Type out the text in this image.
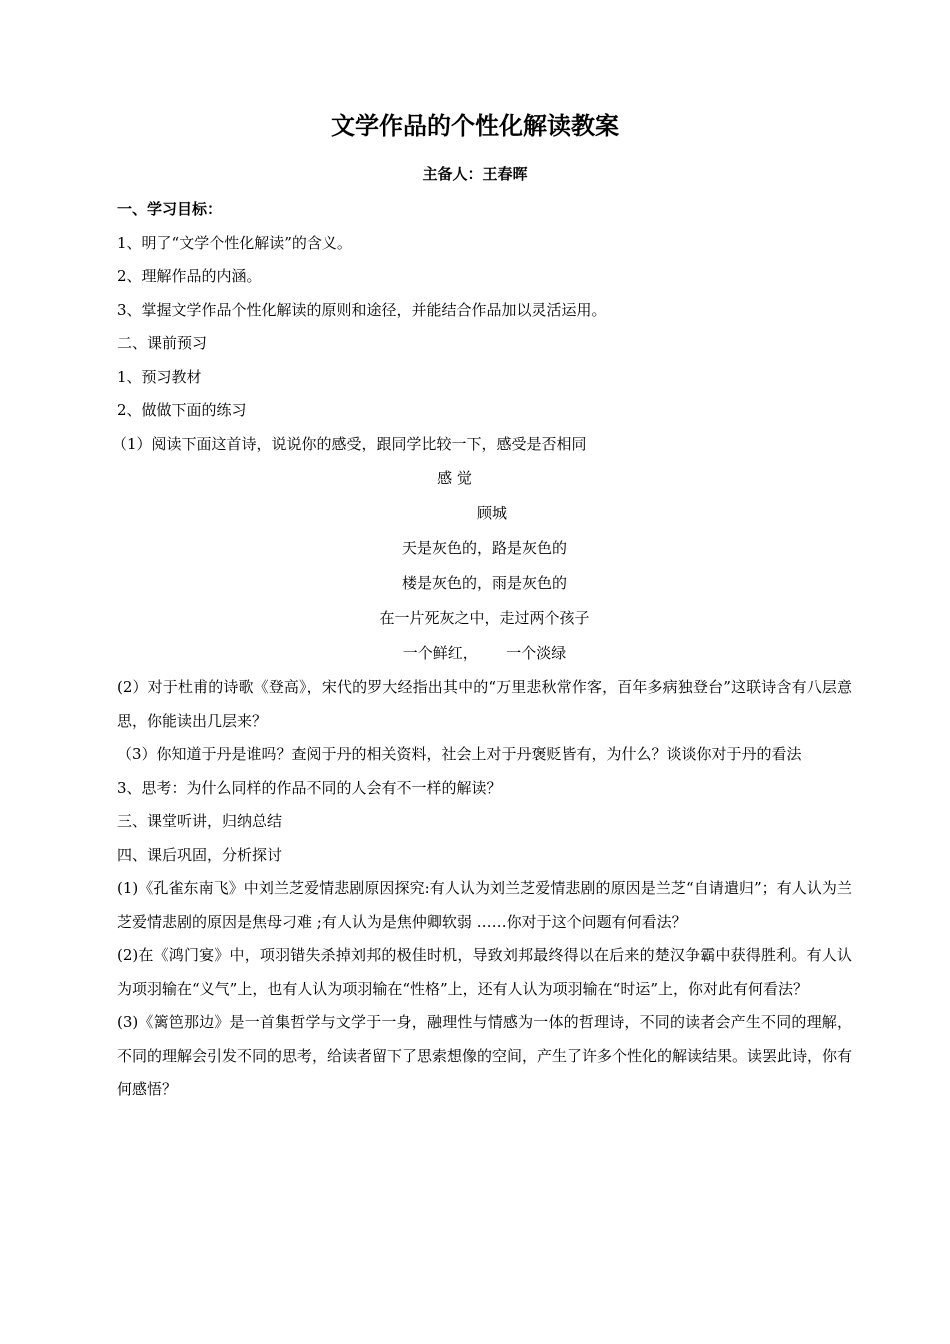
文学作品的个性化解读教案
主备人：王春晖
一、学习目标：
1、明了“文学个性化解读”的含义。
2、理解作品的内涵。
3、掌握文学作品个性化解读的原则和途径，并能结合作品加以灵活运用。
二、课前预习
1、预习教材
2、做做下面的练习
（1）阅读下面这首诗，说说你的感受，跟同学比较一下，感受是否相同
感 觉
顾城
天是灰色的，路是灰色的
楼是灰色的，雨是灰色的
在一片死灰之中，走过两个孩子
一个鲜红，      一个淡绿
(2）对于杜甫的诗歌《登高》，宋代的罗大经指出其中的“万里悲秋常作客，百年多病独登台”这联诗含有八层意思，你能读出几层来？
（3）你知道于丹是谁吗？查阅于丹的相关资料，社会上对于丹褒贬皆有，为什么？谈谈你对于丹的看法
3、思考：为什么同样的作品不同的人会有不一样的解读？
三、课堂听讲，归纳总结
四、课后巩固，分析探讨
(1)《孔雀东南飞》中刘兰芝爱情悲剧原因探究:有人认为刘兰芝爱情悲剧的原因是兰芝“自请遣归”；有人认为兰芝爱情悲剧的原因是焦母刁难 ;有人认为是焦仲卿软弱 ……你对于这个问题有何看法？
(2)在《鸿门宴》中，项羽错失杀掉刘邦的极佳时机，导致刘邦最终得以在后来的楚汉争霸中获得胜利。有人认为项羽输在“义气”上，也有人认为项羽输在“性格”上，还有人认为项羽输在“时运”上，你对此有何看法？
(3)《篱笆那边》是一首集哲学与文学于一身，融理性与情感为一体的哲理诗，不同的读者会产生不同的理解，不同的理解会引发不同的思考，给读者留下了思索想像的空间，产生了许多个性化的解读结果。读罢此诗，你有何感悟？
